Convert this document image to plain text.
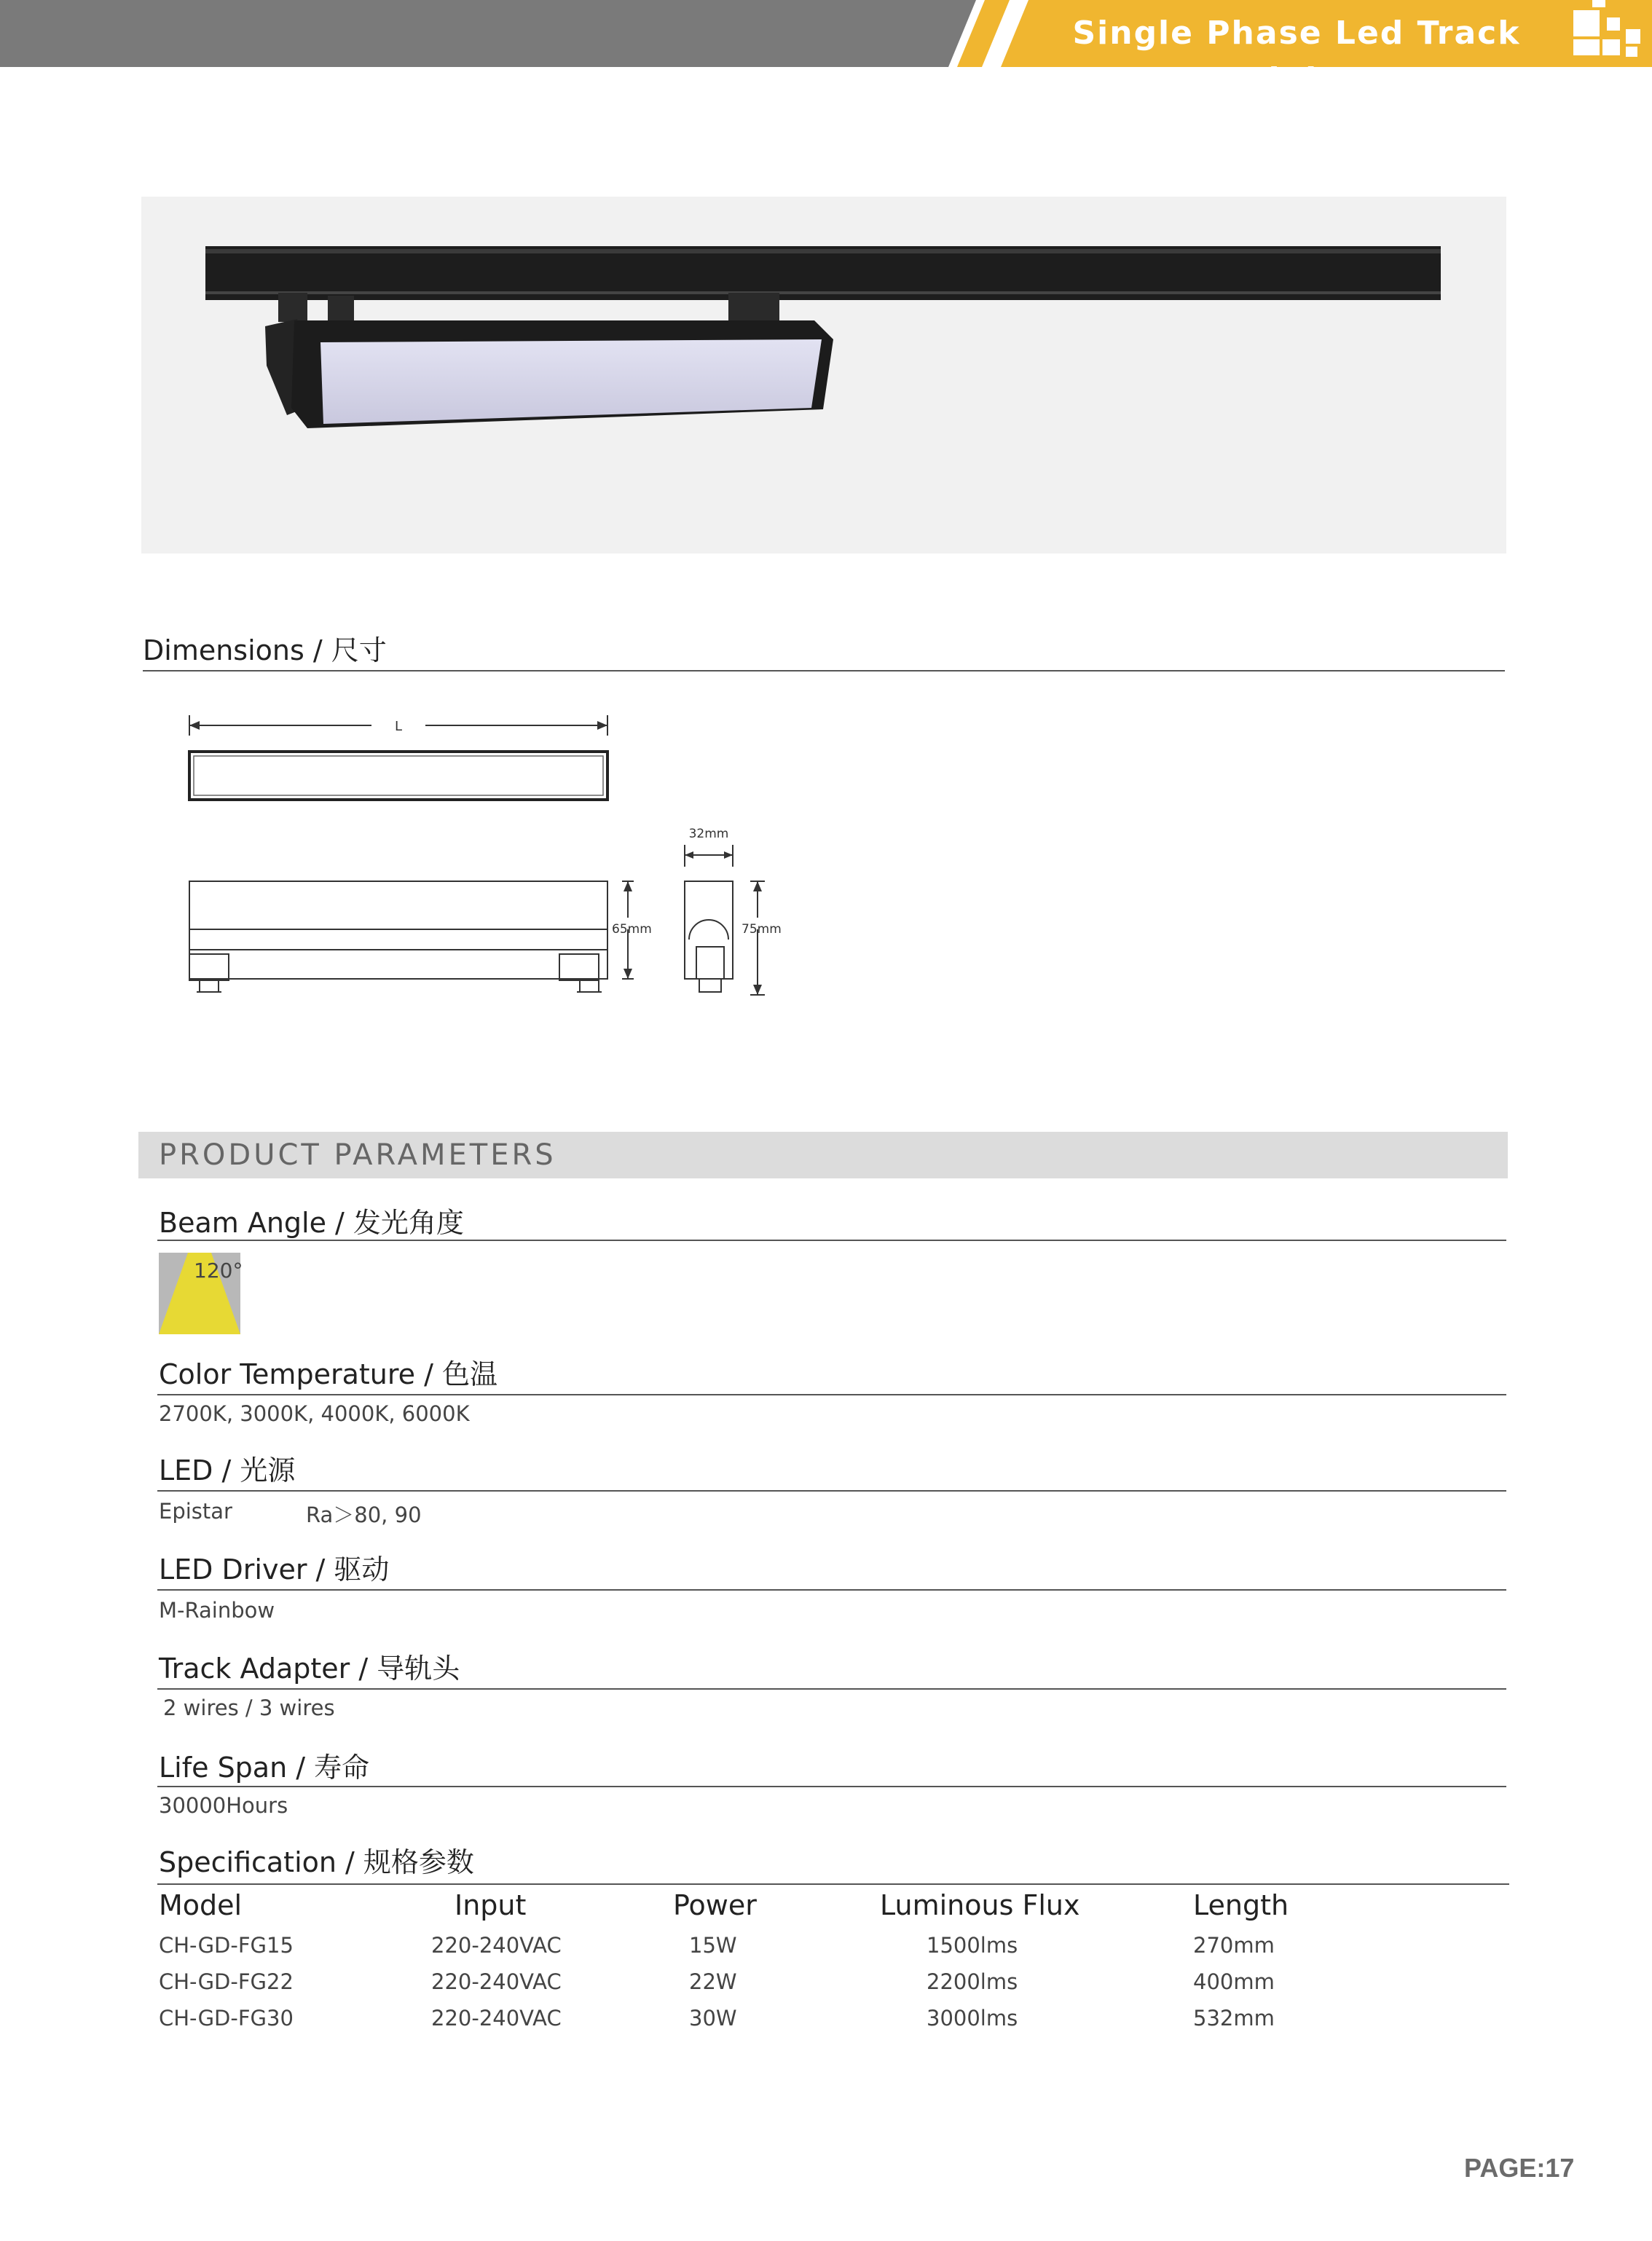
Single Phase Led Track Light
Dimensions / 尺寸
L
65mm
32mm
75mm
PRODUCT PARAMETERS
Beam Angle / 发光角度
120°
Color Temperature / 色温
2700K, 3000K, 4000K, 6000K
LED / 光源
Epistar	Ra＞80, 90
LED Driver / 驱动
M-Rainbow
Track Adapter / 导轨头
2 wires / 3 wires
Life Span / 寿命
30000Hours
Specification / 规格参数
Model	Input	Power	Luminous Flux	Length
CH-GD-FG15	220-240VAC	15W	1500lms	270mm
CH-GD-FG22	220-240VAC	22W	2200lms	400mm
CH-GD-FG30	220-240VAC	30W	3000lms	532mm
PAGE:17
